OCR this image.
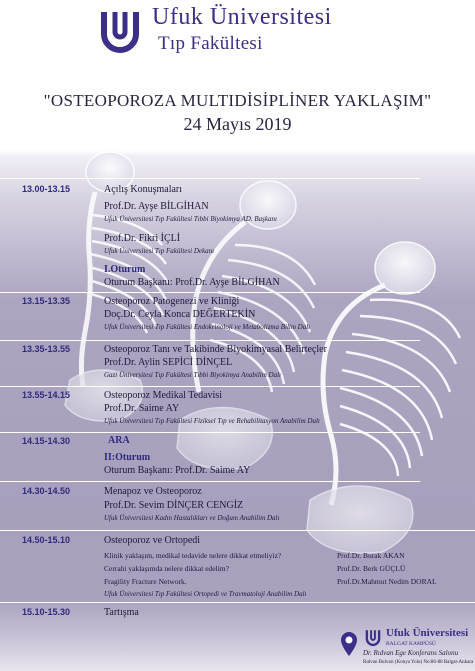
Ufuk Üniversitesi
Tıp Fakültesi
"OSTEOPOROZA MULTIDİSİPLİNER YAKLAŞIM"
24 Mayıs 2019
13.00-13.15	Açılış Konuşmaları
Prof.Dr. Ayşe BİLGİHAN
Ufuk Üniversitesi Tıp Fakültesi Tıbbi Biyokimya AD. Başkanı
Prof.Dr. Fikri İÇLİ
Ufuk Üniversitesi Tıp Fakültesi Dekanı
I.Oturum
Oturum Başkanı: Prof.Dr. Ayşe BİLGİHAN
13.15-13.35	Osteoporoz Patogenezi ve Kliniği
Doç.Dr. Ceyla Konca DEĞERTEKİN
Ufuk Üniversitesi Tıp Fakültesi Endokrinoloji ve Metabolizma Bilim Dalı
13.35-13.55	Osteoporoz Tanı ve Takibinde Biyokimyasal Belirteçler
Prof.Dr. Aylin SEPİCİ DİNÇEL
Gazi Üniversitesi Tıp Fakültesi Tıbbi Biyokimya Anabilim Dalı
13.55-14.15	Osteoporoz Medikal Tedavisi
Prof.Dr. Saime AY
Ufuk Üniversitesi Tıp Fakültesi Fiziksel Tıp ve Rehabilitasyon Anabilim Dalı
14.15-14.30	ARA
II:Oturum
Oturum Başkanı: Prof.Dr. Saime AY
14.30-14.50	Menapoz ve Osteoporoz
Prof.Dr. Sevim DİNÇER CENGİZ
Ufuk Üniversitesi Kadın Hastalıkları ve Doğum Anabilim Dalı
14.50-15.10	Osteoporoz ve Ortopedi
Klinik yaklaşım, medikal tedavide nelere dikkat etmeliyiz?	Prof.Dr. Burak AKAN
Cerrahi yaklaşımda nelere dikkat edelim?	Prof.Dr. Berk GÜÇLÜ
Fragility Fracture Network.	Prof.Dr.Mahmut Nedim DORAL
Ufuk Üniversitesi Tıp Fakültesi Ortopedi ve Travmatoloji Anabilim Dalı
15.10-15.30	Tartışma
Ufuk Üniversitesi
BALGAT KAMPÜSÜ
Dr. Rıdvan Ege Konferans Salonu
Rıdvan Bulvarı (Konya Yolu) No:86-88 Balgat-Ankara
